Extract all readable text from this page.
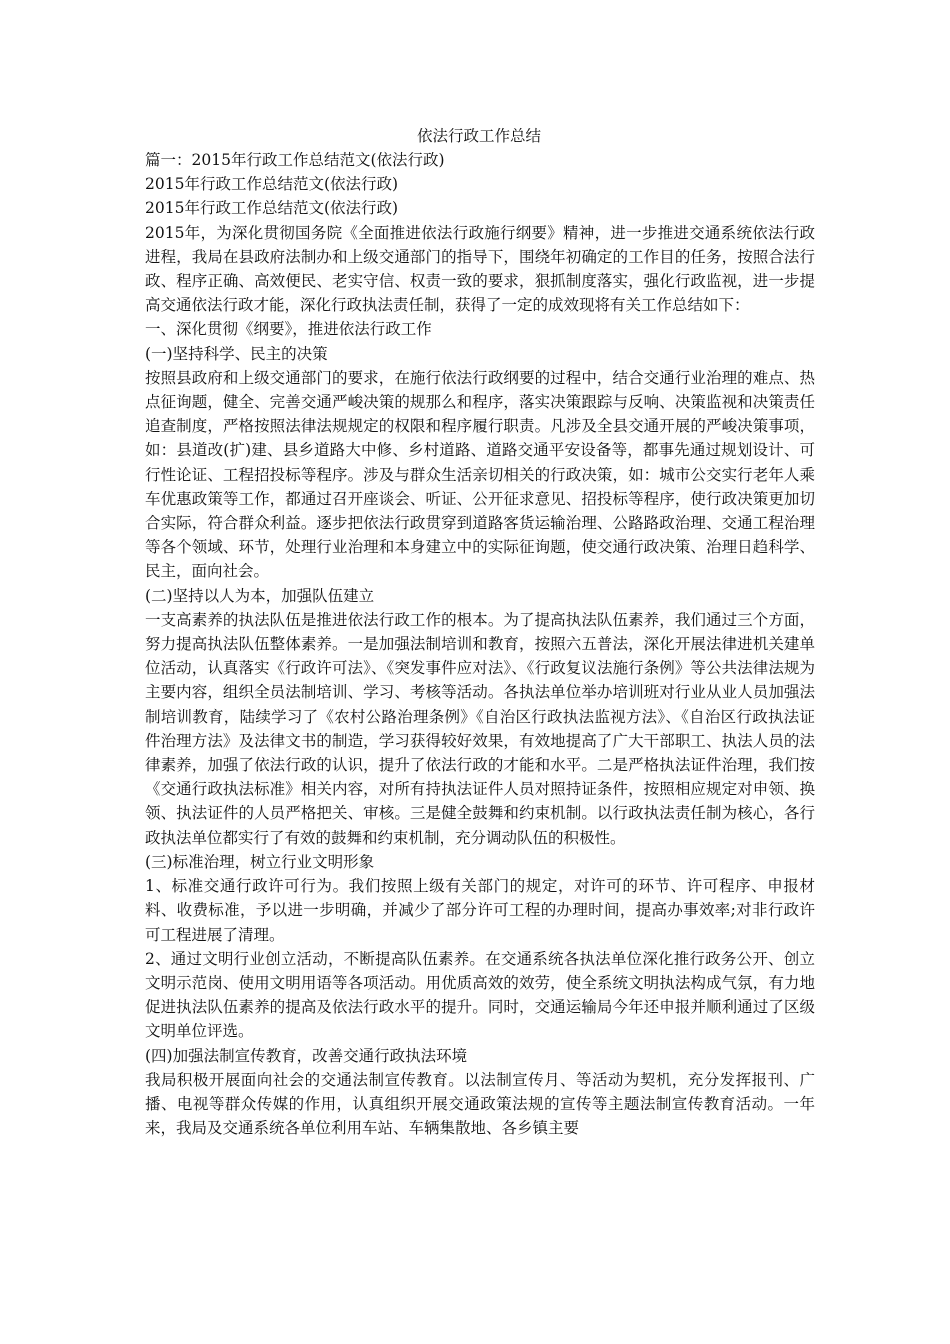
依法行政工作总结

篇一：2015年行政工作总结范文(依法行政)

2015年行政工作总结范文(依法行政)

2015年行政工作总结范文(依法行政)

2015年，为深化贯彻国务院《全面推进依法行政施行纲要》精神，进一步推进交通系统依法行政进程，我局在县政府法制办和上级交通部门的指导下，围绕年初确定的工作目的任务，按照合法行政、程序正确、高效便民、老实守信、权责一致的要求，狠抓制度落实，强化行政监视，进一步提高交通依法行政才能，深化行政执法责任制，获得了一定的成效现将有关工作总结如下：

一、深化贯彻《纲要》，推进依法行政工作

(一)坚持科学、民主的决策

按照县政府和上级交通部门的要求，在施行依法行政纲要的过程中，结合交通行业治理的难点、热点征询题，健全、完善交通严峻决策的规那么和程序，落实决策跟踪与反响、决策监视和决策责任追查制度，严格按照法律法规规定的权限和程序履行职责。凡涉及全县交通开展的严峻决策事项，如：县道改(扩)建、县乡道路大中修、乡村道路、道路交通平安设备等，都事先通过规划设计、可行性论证、工程招投标等程序。涉及与群众生活亲切相关的行政决策，如：城市公交实行老年人乘车优惠政策等工作，都通过召开座谈会、听证、公开征求意见、招投标等程序，使行政决策更加切合实际，符合群众利益。逐步把依法行政贯穿到道路客货运输治理、公路路政治理、交通工程治理等各个领域、环节，处理行业治理和本身建立中的实际征询题，使交通行政决策、治理日趋科学、民主，面向社会。

(二)坚持以人为本，加强队伍建立

一支高素养的执法队伍是推进依法行政工作的根本。为了提高执法队伍素养，我们通过三个方面，努力提高执法队伍整体素养。一是加强法制培训和教育，按照六五普法，深化开展法律进机关建单位活动，认真落实《行政许可法》、《突发事件应对法》、《行政复议法施行条例》等公共法律法规为主要内容，组织全员法制培训、学习、考核等活动。各执法单位举办培训班对行业从业人员加强法制培训教育，陆续学习了《农村公路治理条例》《自治区行政执法监视方法》、《自治区行政执法证件治理方法》及法律文书的制造，学习获得较好效果，有效地提高了广大干部职工、执法人员的法律素养，加强了依法行政的认识，提升了依法行政的才能和水平。二是严格执法证件治理，我们按《交通行政执法标准》相关内容，对所有持执法证件人员对照持证条件，按照相应规定对申领、换领、执法证件的人员严格把关、审核。三是健全鼓舞和约束机制。以行政执法责任制为核心，各行政执法单位都实行了有效的鼓舞和约束机制，充分调动队伍的积极性。

(三)标准治理，树立行业文明形象

1、标准交通行政许可行为。我们按照上级有关部门的规定，对许可的环节、许可程序、申报材料、收费标准，予以进一步明确，并减少了部分许可工程的办理时间，提高办事效率;对非行政许可工程进展了清理。

2、通过文明行业创立活动，不断提高队伍素养。在交通系统各执法单位深化推行政务公开、创立文明示范岗、使用文明用语等各项活动。用优质高效的效劳，使全系统文明执法构成气氛，有力地促进执法队伍素养的提高及依法行政水平的提升。同时，交通运输局今年还申报并顺利通过了区级文明单位评选。

(四)加强法制宣传教育，改善交通行政执法环境

我局积极开展面向社会的交通法制宣传教育。以法制宣传月、等活动为契机，充分发挥报刊、广播、电视等群众传媒的作用，认真组织开展交通政策法规的宣传等主题法制宣传教育活动。一年来，我局及交通系统各单位利用车站、车辆集散地、各乡镇主要
